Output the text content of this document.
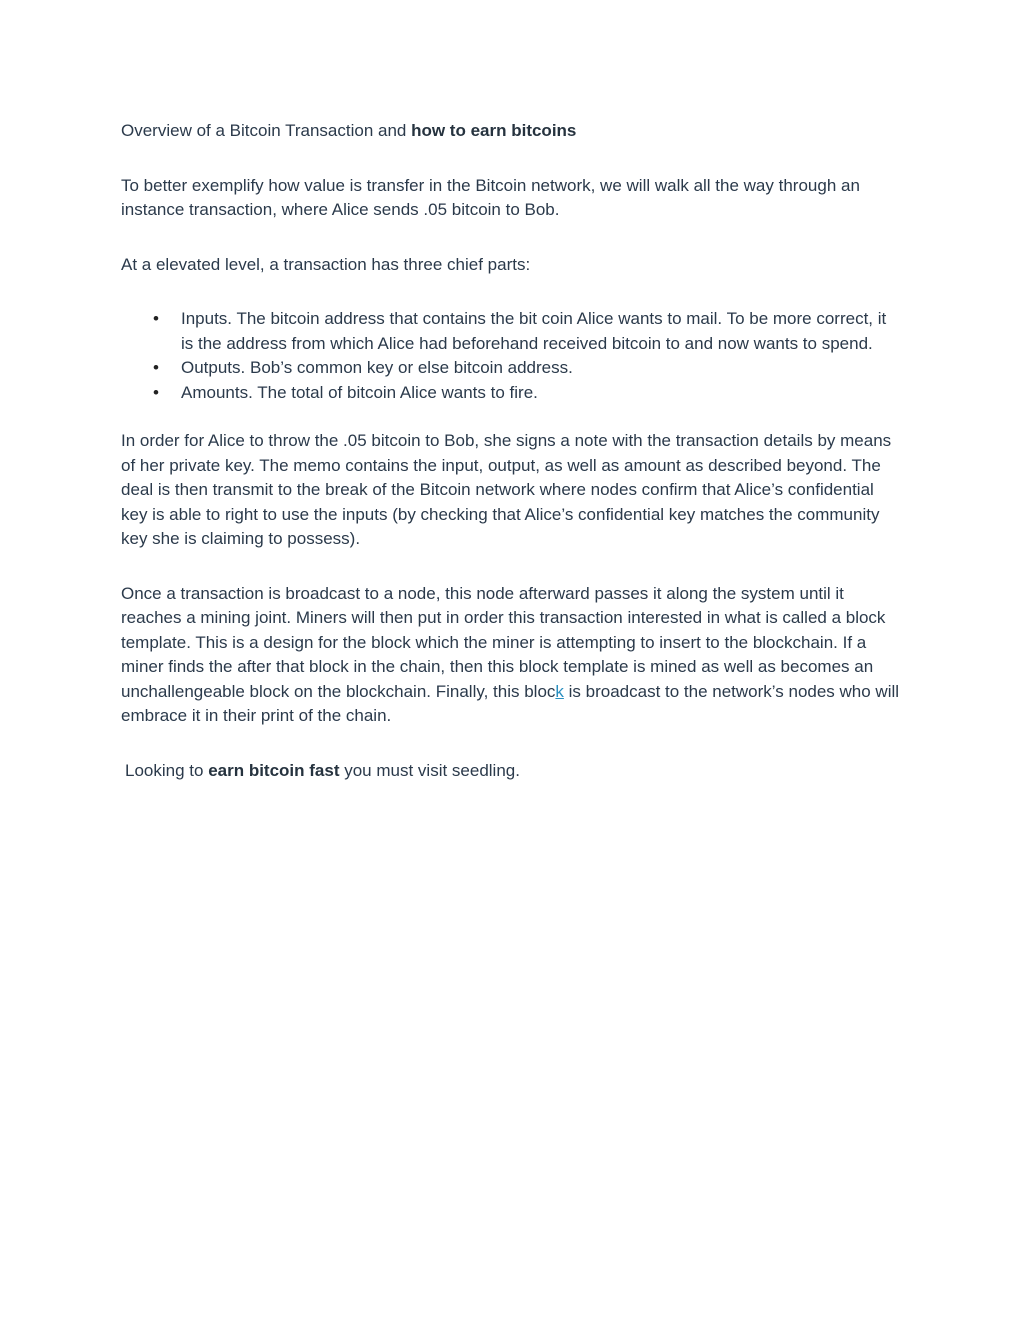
Overview of a Bitcoin Transaction and how to earn bitcoins

To better exemplify how value is transfer in the Bitcoin network, we will walk all the way through an instance transaction, where Alice sends .05 bitcoin to Bob.

At a elevated level, a transaction has three chief parts:

• Inputs. The bitcoin address that contains the bit coin Alice wants to mail. To be more correct, it is the address from which Alice had beforehand received bitcoin to and now wants to spend.
• Outputs. Bob’s common key or else bitcoin address.
• Amounts. The total of bitcoin Alice wants to fire.

In order for Alice to throw the .05 bitcoin to Bob, she signs a note with the transaction details by means of her private key. The memo contains the input, output, as well as amount as described beyond. The deal is then transmit to the break of the Bitcoin network where nodes confirm that Alice’s confidential key is able to right to use the inputs (by checking that Alice’s confidential key matches the community key she is claiming to possess).

Once a transaction is broadcast to a node, this node afterward passes it along the system until it reaches a mining joint. Miners will then put in order this transaction interested in what is called a block template. This is a design for the block which the miner is attempting to insert to the blockchain. If a miner finds the after that block in the chain, then this block template is mined as well as becomes an unchallengeable block on the blockchain. Finally, this block is broadcast to the network’s nodes who will embrace it in their print of the chain.

Looking to earn bitcoin fast you must visit seedling.
